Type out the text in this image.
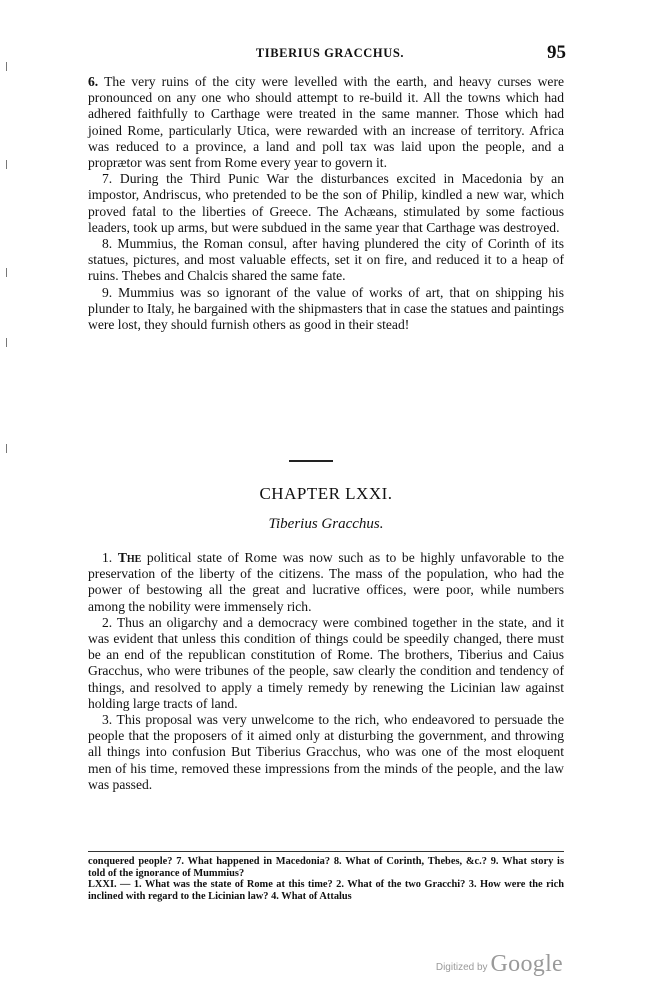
TIBERIUS GRACCHUS.	95

6. The very ruins of the city were levelled with the earth, and heavy curses were pronounced on any one who should attempt to re-build it. All the towns which had adhered faithfully to Carthage were treated in the same manner. Those which had joined Rome, particularly Utica, were rewarded with an increase of territory. Africa was reduced to a province, a land and poll tax was laid upon the people, and a proprætor was sent from Rome every year to govern it.

7. During the Third Punic War the disturbances excited in Macedonia by an impostor, Andriscus, who pretended to be the son of Philip, kindled a new war, which proved fatal to the liberties of Greece. The Achæans, stimulated by some factious leaders, took up arms, but were subdued in the same year that Carthage was destroyed.

8. Mummius, the Roman consul, after having plundered the city of Corinth of its statues, pictures, and most valuable effects, set it on fire, and reduced it to a heap of ruins. Thebes and Chalcis shared the same fate.

9. Mummius was so ignorant of the value of works of art, that on shipping his plunder to Italy, he bargained with the shipmasters that in case the statues and paintings were lost, they should furnish others as good in their stead!

CHAPTER LXXI.
Tiberius Gracchus.

1. The political state of Rome was now such as to be highly unfavorable to the preservation of the liberty of the citizens. The mass of the population, who had the power of bestowing all the great and lucrative offices, were poor, while numbers among the nobility were immensely rich.

2. Thus an oligarchy and a democracy were combined together in the state, and it was evident that unless this condition of things could be speedily changed, there must be an end of the republican constitution of Rome. The brothers, Tiberius and Caius Gracchus, who were tribunes of the people, saw clearly the condition and tendency of things, and resolved to apply a timely remedy by renewing the Licinian law against holding large tracts of land.

3. This proposal was very unwelcome to the rich, who endeavored to persuade the people that the proposers of it aimed only at disturbing the government, and throwing all things into confusion But Tiberius Gracchus, who was one of the most eloquent men of his time, removed these impressions from the minds of the people, and the law was passed.

conquered people? 7. What happened in Macedonia? 8. What of Corinth, Thebes, &c.? 9. What story is told of the ignorance of Mummius?
LXXI. — 1. What was the state of Rome at this time? 2. What of the two Gracchi? 3. How were the rich inclined with regard to the Licinian law? 4. What of Attalus
Digitized by Google
